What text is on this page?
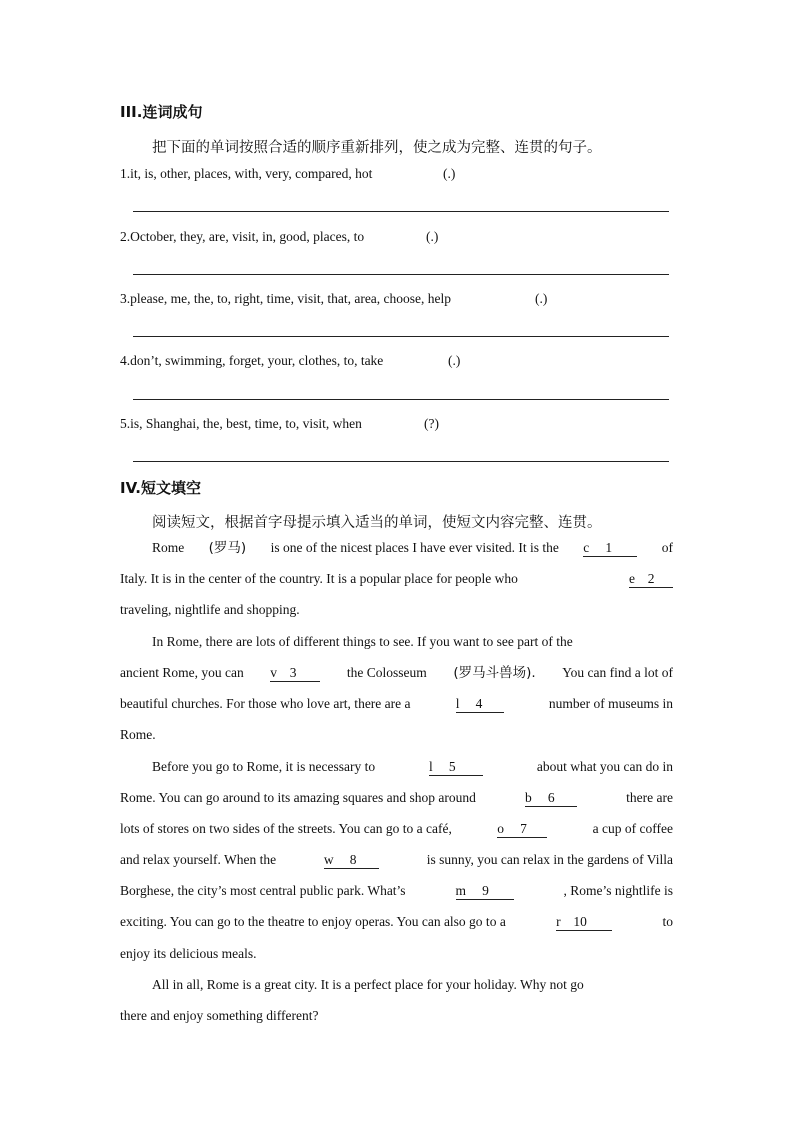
III.连词成句
把下面的单词按照合适的顺序重新排列，使之成为完整、连贯的句子。
1.it, is, other, places, with, very, compared, hot	(.)
2.October, they, are, visit, in, good, places, to	(.)
3.please, me, the, to, right, time, visit, that, area, choose, help	(.)
4.don’t, swimming, forget, your, clothes, to, take	(.)
5.is, Shanghai, the, best, time, to, visit, when	(?)
IV.短文填空
阅读短文，根据首字母提示填入适当的单词，使短文内容完整、连贯。
Rome (罗马) is one of the nicest places I have ever visited. It is the c 1	of
Italy. It is in the center of the country. It is a popular place for people who	e 2
traveling, nightlife and shopping.
In Rome, there are lots of different things to see. If you want to see part of the
ancient Rome, you can v 3	the Colosseum (罗马斗兽场). You can find a lot of
beautiful churches. For those who love art, there are a	l 4	number of museums in
Rome.
Before you go to Rome, it is necessary to	l 5	about what you can do in
Rome. You can go around to its amazing squares and shop around	b 6	there are
lots of stores on two sides of the streets. You can go to a café,	o 7	a cup of coffee
and relax yourself. When the	w 8	is sunny, you can relax in the gardens of Villa
Borghese, the city’s most central public park. What’s	m 9	, Rome’s nightlife is
exciting. You can go to the theatre to enjoy operas. You can also go to a	r 10	to
enjoy its delicious meals.
All in all, Rome is a great city. It is a perfect place for your holiday. Why not go
there and enjoy something different?
